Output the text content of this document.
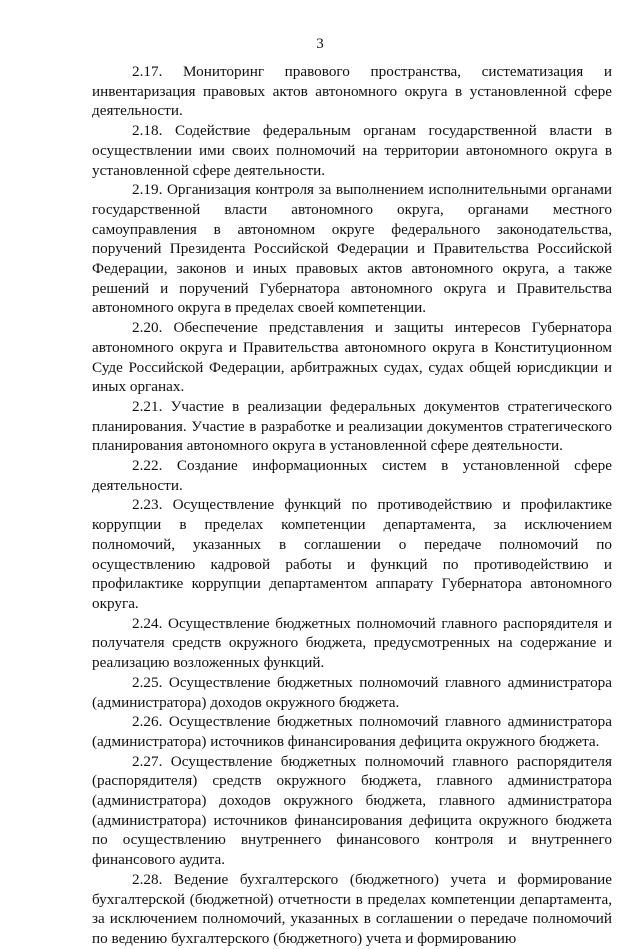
3

2.17. Мониторинг правового пространства, систематизация и инвентаризация правовых актов автономного округа в установленной сфере деятельности.

2.18. Содействие федеральным органам государственной власти в осуществлении ими своих полномочий на территории автономного округа в установленной сфере деятельности.

2.19. Организация контроля за выполнением исполнительными органами государственной власти автономного округа, органами местного самоуправления в автономном округе федерального законодательства, поручений Президента Российской Федерации и Правительства Российской Федерации, законов и иных правовых актов автономного округа, а также решений и поручений Губернатора автономного округа и Правительства автономного округа в пределах своей компетенции.

2.20. Обеспечение представления и защиты интересов Губернатора автономного округа и Правительства автономного округа в Конституционном Суде Российской Федерации, арбитражных судах, судах общей юрисдикции и иных органах.

2.21. Участие в реализации федеральных документов стратегического планирования. Участие в разработке и реализации документов стратегического планирования автономного округа в установленной сфере деятельности.

2.22. Создание информационных систем в установленной сфере деятельности.

2.23. Осуществление функций по противодействию и профилактике коррупции в пределах компетенции департамента, за исключением полномочий, указанных в соглашении о передаче полномочий по осуществлению кадровой работы и функций по противодействию и профилактике коррупции департаментом аппарату Губернатора автономного округа.

2.24. Осуществление бюджетных полномочий главного распорядителя и получателя средств окружного бюджета, предусмотренных на содержание и реализацию возложенных функций.

2.25. Осуществление бюджетных полномочий главного администратора (администратора) доходов окружного бюджета.

2.26. Осуществление бюджетных полномочий главного администратора (администратора) источников финансирования дефицита окружного бюджета.

2.27. Осуществление бюджетных полномочий главного распорядителя (распорядителя) средств окружного бюджета, главного администратора (администратора) доходов окружного бюджета, главного администратора (администратора) источников финансирования дефицита окружного бюджета по осуществлению внутреннего финансового контроля и внутреннего финансового аудита.

2.28. Ведение бухгалтерского (бюджетного) учета и формирование бухгалтерской (бюджетной) отчетности в пределах компетенции департамента, за исключением полномочий, указанных в соглашении о передаче полномочий по ведению бухгалтерского (бюджетного) учета и формированию
